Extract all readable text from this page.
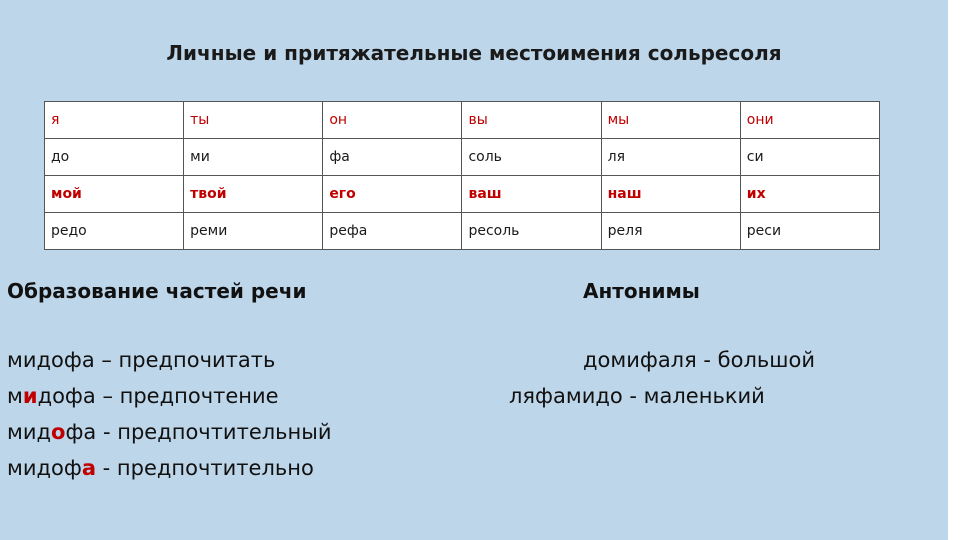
Личные и притяжательные местоимения сольресоля
я	ты	он	вы	мы	они
до	ми	фа	соль	ля	си
мой	твой	его	ваш	наш	их
редо	реми	рефа	ресоль	реля	реси
Образование частей речи	Антонимы
мидофа – предпочитать
мидофа – предпочтение
мидофа - предпочтительный
мидофа - предпочтительно
домифаля - большой
ляфамидо - маленький
